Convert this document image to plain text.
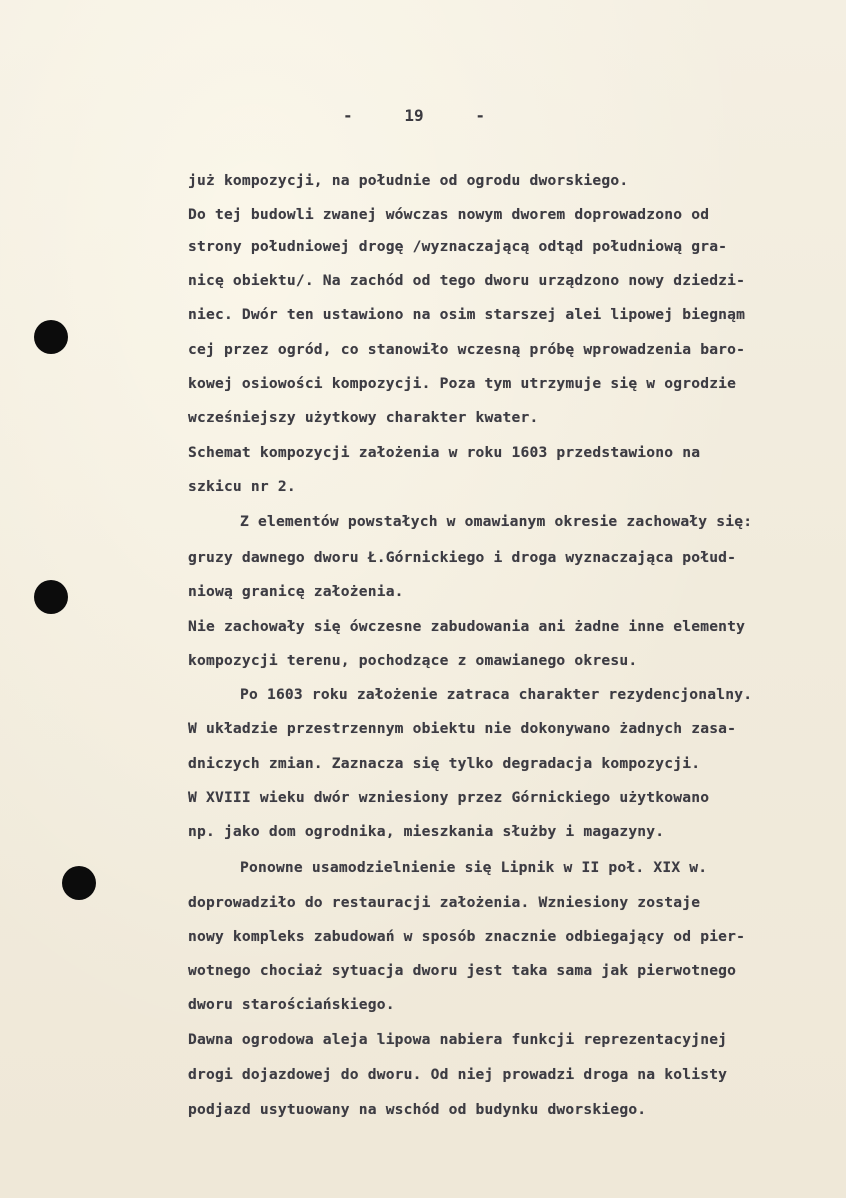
-	19	-
już kompozycji, na południe od ogrodu dworskiego.
Do tej budowli zwanej wówczas nowym dworem doprowadzono od
strony południowej drogę /wyznaczającą odtąd południową gra-
nicę obiektu/. Na zachód od tego dworu urządzono nowy dziedzi-
niec. Dwór ten ustawiono na osim starszej alei lipowej biegnąm
cej przez ogród, co stanowiło wczesną próbę wprowadzenia baro-
kowej osiowości kompozycji. Poza tym utrzymuje się w ogrodzie
wcześniejszy użytkowy charakter kwater.
Schemat kompozycji założenia w roku 1603 przedstawiono na
szkicu nr 2.
Z elementów powstałych w omawianym okresie zachowały się:
gruzy dawnego dworu Ł.Górnickiego i droga wyznaczająca połud-
niową granicę założenia.
Nie zachowały się ówczesne zabudowania ani żadne inne elementy
kompozycji terenu, pochodzące z omawianego okresu.
Po 1603 roku założenie zatraca charakter rezydencjonalny.
W układzie przestrzennym obiektu nie dokonywano żadnych zasa-
dniczych zmian. Zaznacza się tylko degradacja kompozycji.
W XVIII wieku dwór wzniesiony przez Górnickiego użytkowano
np. jako dom ogrodnika, mieszkania służby i magazyny.
Ponowne usamodzielnienie się Lipnik w II poł. XIX w.
doprowadziło do restauracji założenia. Wzniesiony zostaje
nowy kompleks zabudowań w sposób znacznie odbiegający od pier-
wotnego chociaż sytuacja dworu jest taka sama jak pierwotnego
dworu starościańskiego.
Dawna ogrodowa aleja lipowa nabiera funkcji reprezentacyjnej
drogi dojazdowej do dworu. Od niej prowadzi droga na kolisty
podjazd usytuowany na wschód od budynku dworskiego.
